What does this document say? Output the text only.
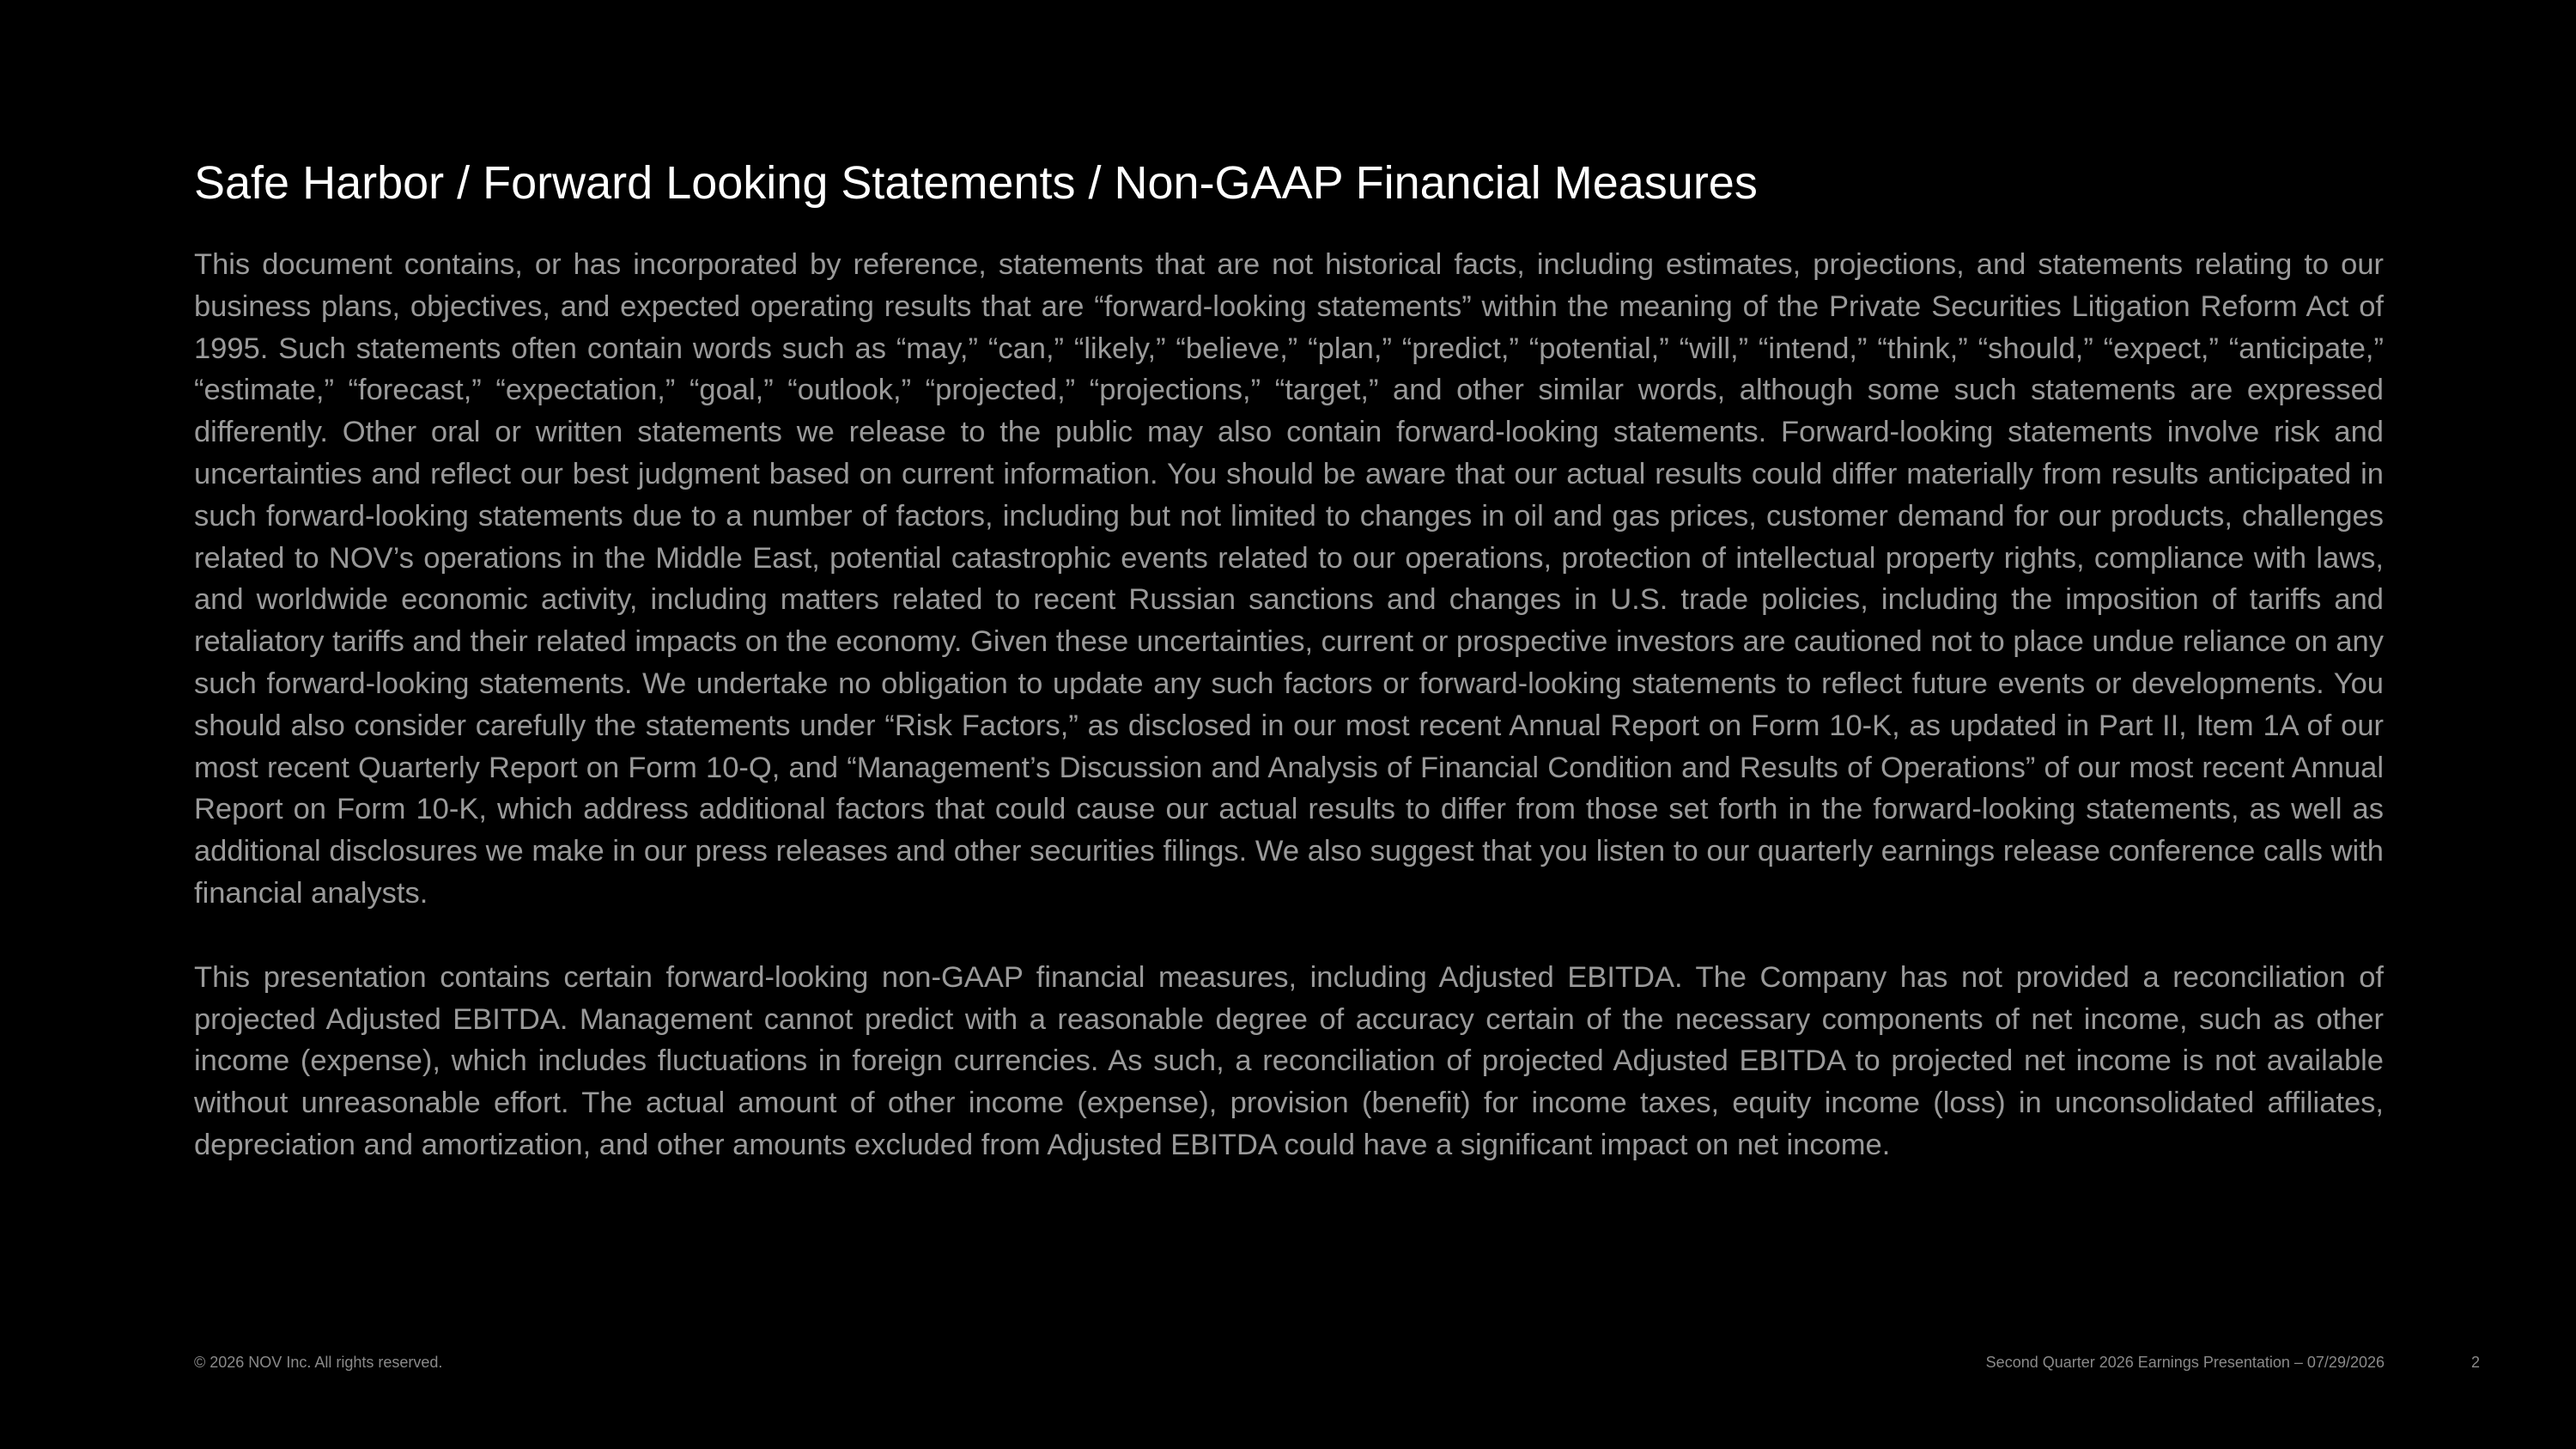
Safe Harbor / Forward Looking Statements / Non-GAAP Financial Measures

This document contains, or has incorporated by reference, statements that are not historical facts, including estimates, projections, and statements relating to our business plans, objectives, and expected operating results that are “forward-looking statements” within the meaning of the Private Securities Litigation Reform Act of 1995. Such statements often contain words such as “may,” “can,” “likely,” “believe,” “plan,” “predict,” “potential,” “will,” “intend,” “think,” “should,” “expect,” “anticipate,” “estimate,” “forecast,” “expectation,” “goal,” “outlook,” “projected,” “projections,” “target,” and other similar words, although some such statements are expressed differently. Other oral or written statements we release to the public may also contain forward-looking statements. Forward-looking statements involve risk and uncertainties and reflect our best judgment based on current information. You should be aware that our actual results could differ materially from results anticipated in such forward-looking statements due to a number of factors, including but not limited to changes in oil and gas prices, customer demand for our products, challenges related to NOV’s operations in the Middle East, potential catastrophic events related to our operations, protection of intellectual property rights, compliance with laws, and worldwide economic activity, including matters related to recent Russian sanctions and changes in U.S. trade policies, including the imposition of tariffs and retaliatory tariffs and their related impacts on the economy. Given these uncertainties, current or prospective investors are cautioned not to place undue reliance on any such forward-looking statements. We undertake no obligation to update any such factors or forward-looking statements to reflect future events or developments. You should also consider carefully the statements under “Risk Factors,” as disclosed in our most recent Annual Report on Form 10-K, as updated in Part II, Item 1A of our most recent Quarterly Report on Form 10-Q, and “Management’s Discussion and Analysis of Financial Condition and Results of Operations” of our most recent Annual Report on Form 10-K, which address additional factors that could cause our actual results to differ from those set forth in the forward-looking statements, as well as additional disclosures we make in our press releases and other securities filings. We also suggest that you listen to our quarterly earnings release conference calls with financial analysts.

This presentation contains certain forward-looking non-GAAP financial measures, including Adjusted EBITDA. The Company has not provided a reconciliation of projected Adjusted EBITDA. Management cannot predict with a reasonable degree of accuracy certain of the necessary components of net income, such as other income (expense), which includes fluctuations in foreign currencies. As such, a reconciliation of projected Adjusted EBITDA to projected net income is not available without unreasonable effort. The actual amount of other income (expense), provision (benefit) for income taxes, equity income (loss) in unconsolidated affiliates, depreciation and amortization, and other amounts excluded from Adjusted EBITDA could have a significant impact on net income.

© 2026 NOV Inc. All rights reserved.	Second Quarter 2026 Earnings Presentation – 07/29/2026	2
